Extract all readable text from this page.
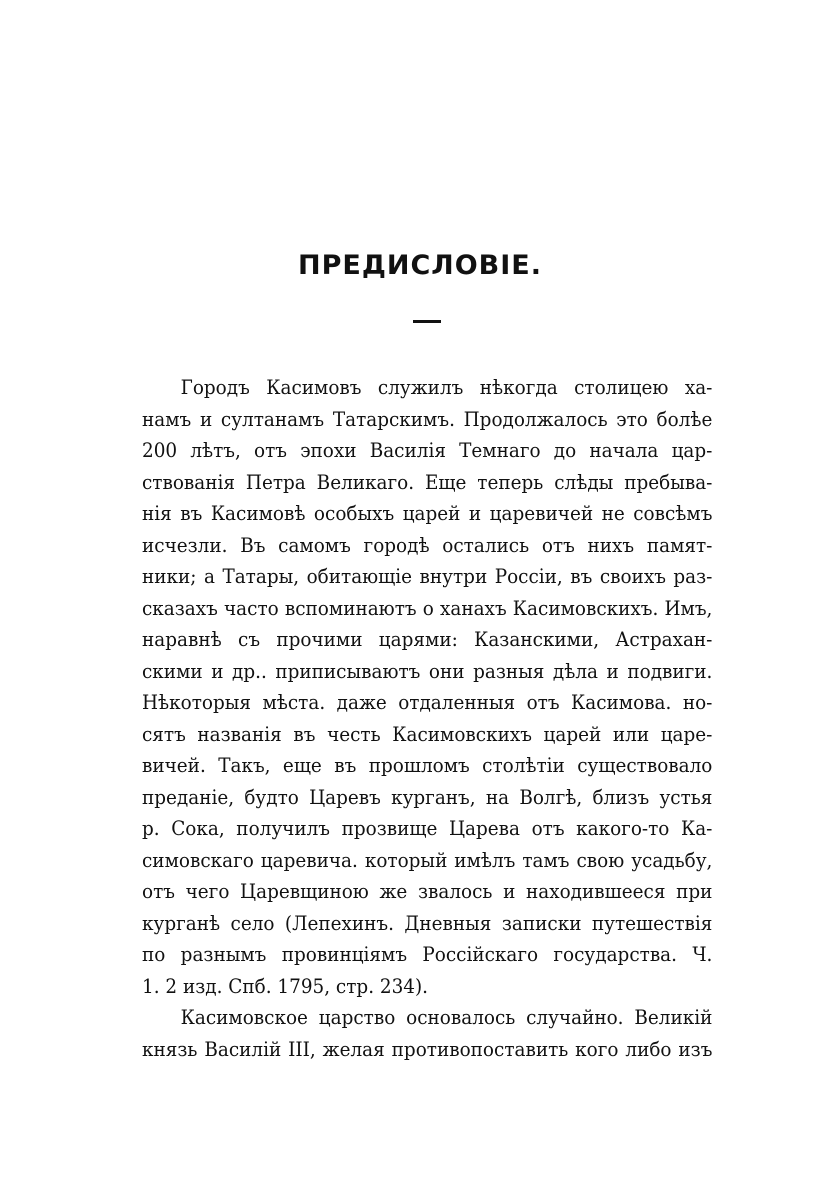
ПРЕДИСЛОВІЕ.
Городъ Касимовъ служилъ нѣкогда столицею ха-
намъ и султанамъ Татарскимъ. Продолжалось это болѣе
200 лѣтъ, отъ эпохи Василія Темнаго до начала цар-
ствованія Петра Великаго. Еще теперь слѣды пребыва-
нія въ Касимовѣ особыхъ царей и царевичей не совсѣмъ
исчезли. Въ самомъ городѣ остались отъ нихъ памят-
ники; а Татары, обитающіе внутри Россіи, въ своихъ раз-
сказахъ часто вспоминаютъ о ханахъ Касимовскихъ. Имъ,
наравнѣ съ прочими царями: Казанскими, Астрахан-
скими и др.. приписываютъ они разныя дѣла и подвиги.
Нѣкоторыя мѣста. даже отдаленныя отъ Касимова. но-
сятъ названія въ честь Касимовскихъ царей или царе-
вичей. Такъ, еще въ прошломъ столѣтіи существовало
преданіе, будто Царевъ курганъ, на Волгѣ, близъ устья
р. Сока, получилъ прозвище Царева отъ какого-то Ка-
симовскаго царевича. который имѣлъ тамъ свою усадьбу,
отъ чего Царевщиною же звалось и находившееся при
курганѣ село (Лепехинъ. Дневныя записки путешествія
по разнымъ провинціямъ Россійскаго государства. Ч.
1. 2 изд. Спб. 1795, стр. 234).
Касимовское царство основалось случайно. Великій
князь Василій III, желая противопоставить кого либо изъ
